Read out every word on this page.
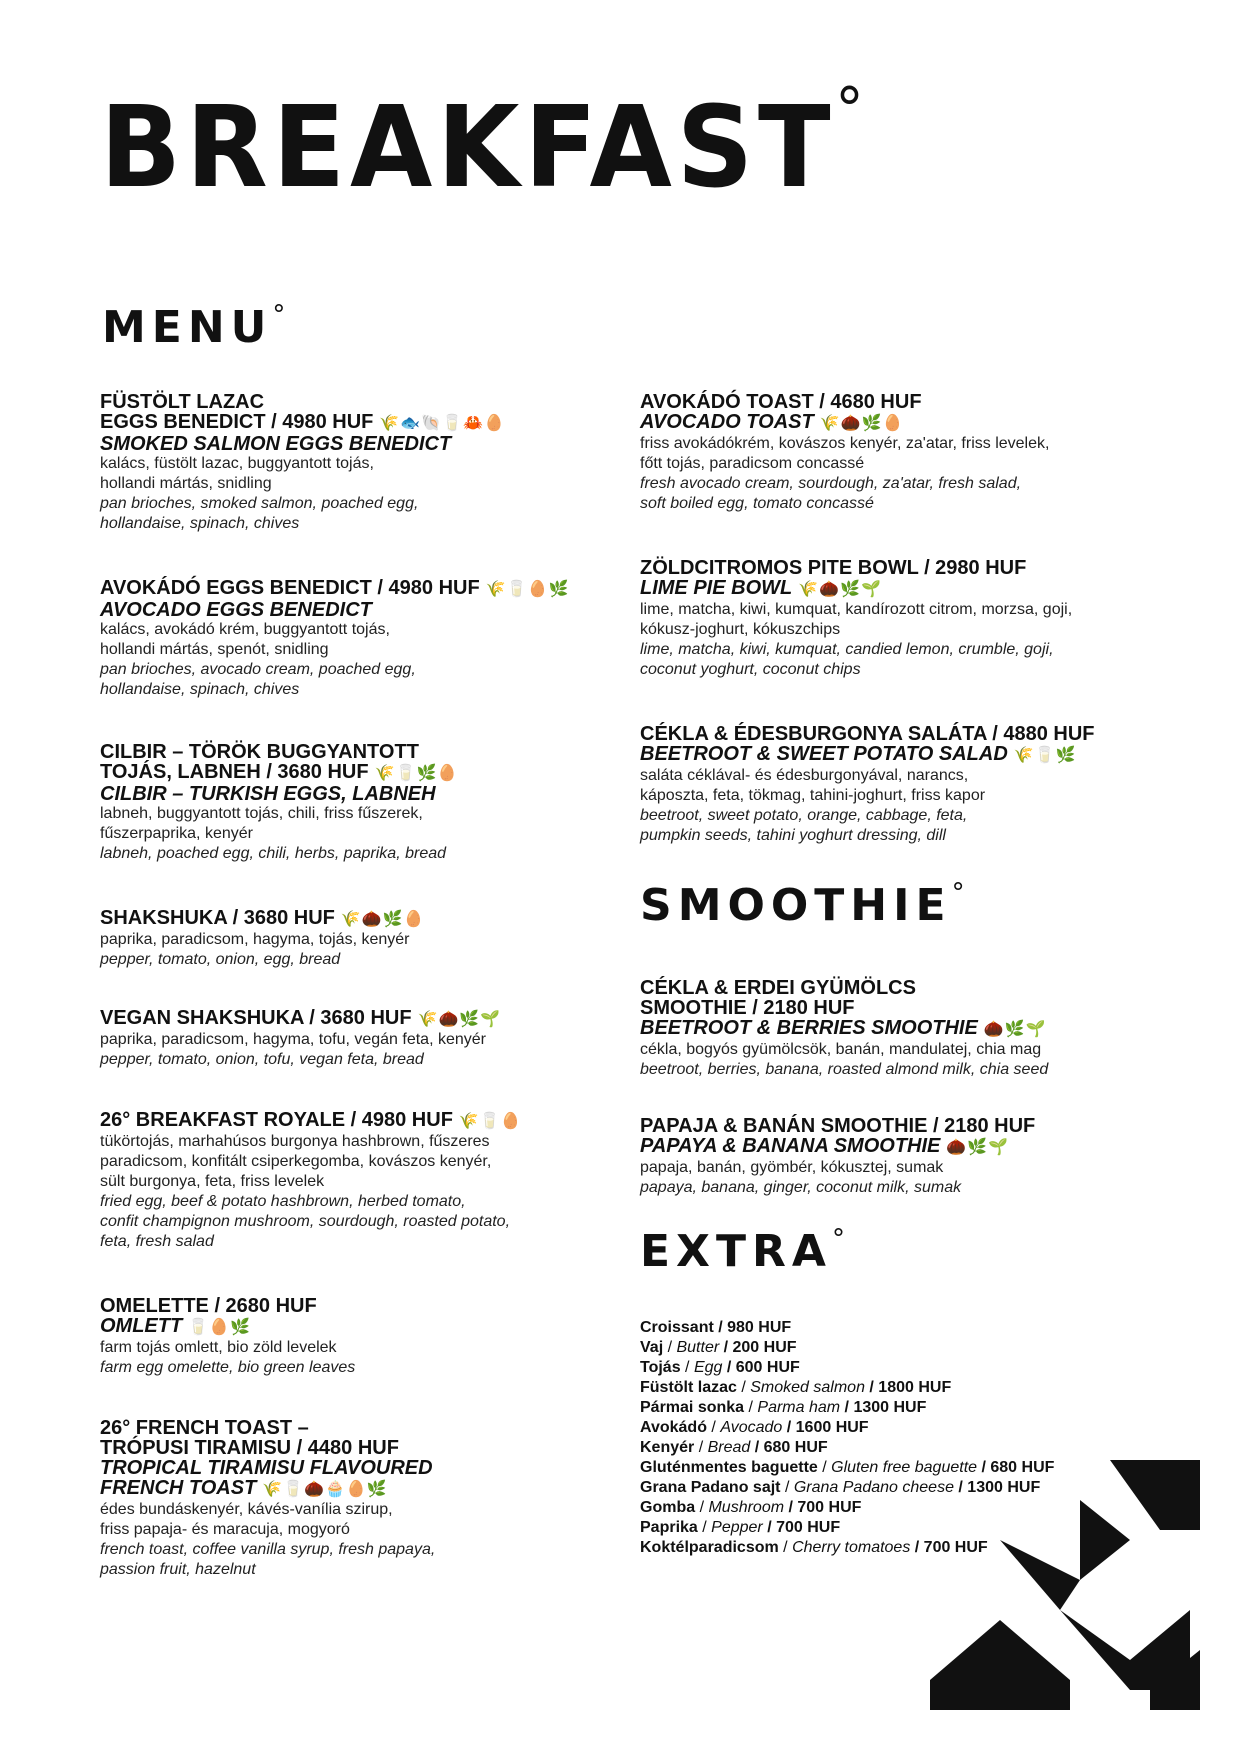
BREAKFAST°
MENU°
SMOOTHIE°
EXTRA°
FÜSTÖLT LAZAC
EGGS BENEDICT / 4980 HUF 🌾🐟🐚🥛🦀🥚
SMOKED SALMON EGGS BENEDICT
kalács, füstölt lazac, buggyantott tojás,
hollandi mártás, snidling
pan brioches, smoked salmon, poached egg,
hollandaise, spinach, chives
AVOKÁDÓ EGGS BENEDICT / 4980 HUF 🌾🥛🥚🌿
AVOCADO EGGS BENEDICT
kalács, avokádó krém, buggyantott tojás,
hollandi mártás, spenót, snidling
pan brioches, avocado cream, poached egg,
hollandaise, spinach, chives
CILBIR – TÖRÖK BUGGYANTOTT
TOJÁS, LABNEH / 3680 HUF 🌾🥛🌿🥚
CILBIR – TURKISH EGGS, LABNEH
labneh, buggyantott tojás, chili, friss fűszerek,
fűszerpaprika, kenyér
labneh, poached egg, chili, herbs, paprika, bread
SHAKSHUKA / 3680 HUF 🌾🌰🌿🥚
paprika, paradicsom, hagyma, tojás, kenyér
pepper, tomato, onion, egg, bread
VEGAN SHAKSHUKA / 3680 HUF 🌾🌰🌿🌱
paprika, paradicsom, hagyma, tofu, vegán feta, kenyér
pepper, tomato, onion, tofu, vegan feta, bread
26° BREAKFAST ROYALE / 4980 HUF 🌾🥛🥚
tükörtojás, marhahúsos burgonya hashbrown, fűszeres
paradicsom, konfitált csiperkegomba, kovászos kenyér,
sült burgonya, feta, friss levelek
fried egg, beef & potato hashbrown, herbed tomato,
confit champignon mushroom, sourdough, roasted potato,
feta, fresh salad
OMELETTE / 2680 HUF
OMLETT 🥛🥚🌿
farm tojás omlett, bio zöld levelek
farm egg omelette, bio green leaves
26° FRENCH TOAST –
TRÓPUSI TIRAMISU / 4480 HUF
TROPICAL TIRAMISU FLAVOURED
FRENCH TOAST 🌾🥛🌰🧁🥚🌿
édes bundáskenyér, kávés-vanília szirup,
friss papaja- és maracuja, mogyoró
french toast, coffee vanilla syrup, fresh papaya,
passion fruit, hazelnut
AVOKÁDÓ TOAST / 4680 HUF
AVOCADO TOAST 🌾🌰🌿🥚
friss avokádókrém, kovászos kenyér, za'atar, friss levelek,
főtt tojás, paradicsom concassé
fresh avocado cream, sourdough, za'atar, fresh salad,
soft boiled egg, tomato concassé
ZÖLDCITROMOS PITE BOWL / 2980 HUF
LIME PIE BOWL 🌾🌰🌿🌱
lime, matcha, kiwi, kumquat, kandírozott citrom, morzsa, goji,
kókusz-joghurt, kókuszchips
lime, matcha, kiwi, kumquat, candied lemon, crumble, goji,
coconut yoghurt, coconut chips
CÉKLA & ÉDESBURGONYA SALÁTA / 4880 HUF
BEETROOT & SWEET POTATO SALAD 🌾🥛🌿
saláta céklával- és édesburgonyával, narancs,
káposzta, feta, tökmag, tahini-joghurt, friss kapor
beetroot, sweet potato, orange, cabbage, feta,
pumpkin seeds, tahini yoghurt dressing, dill
CÉKLA & ERDEI GYÜMÖLCS
SMOOTHIE / 2180 HUF
BEETROOT & BERRIES SMOOTHIE 🌰🌿🌱
cékla, bogyós gyümölcsök, banán, mandulatej, chia mag
beetroot, berries, banana, roasted almond milk, chia seed
PAPAJA & BANÁN SMOOTHIE / 2180 HUF
PAPAYA & BANANA SMOOTHIE 🌰🌿🌱
papaja, banán, gyömbér, kókusztej, sumak
papaya, banana, ginger, coconut milk, sumak
Croissant / 980 HUF
Vaj / Butter / 200 HUF
Tojás / Egg / 600 HUF
Füstölt lazac / Smoked salmon / 1800 HUF
Pármai sonka / Parma ham / 1300 HUF
Avokádó / Avocado / 1600 HUF
Kenyér / Bread / 680 HUF
Gluténmentes baguette / Gluten free baguette / 680 HUF
Grana Padano sajt / Grana Padano cheese / 1300 HUF
Gomba / Mushroom / 700 HUF
Paprika / Pepper / 700 HUF
Koktélparadicsom / Cherry tomatoes / 700 HUF
